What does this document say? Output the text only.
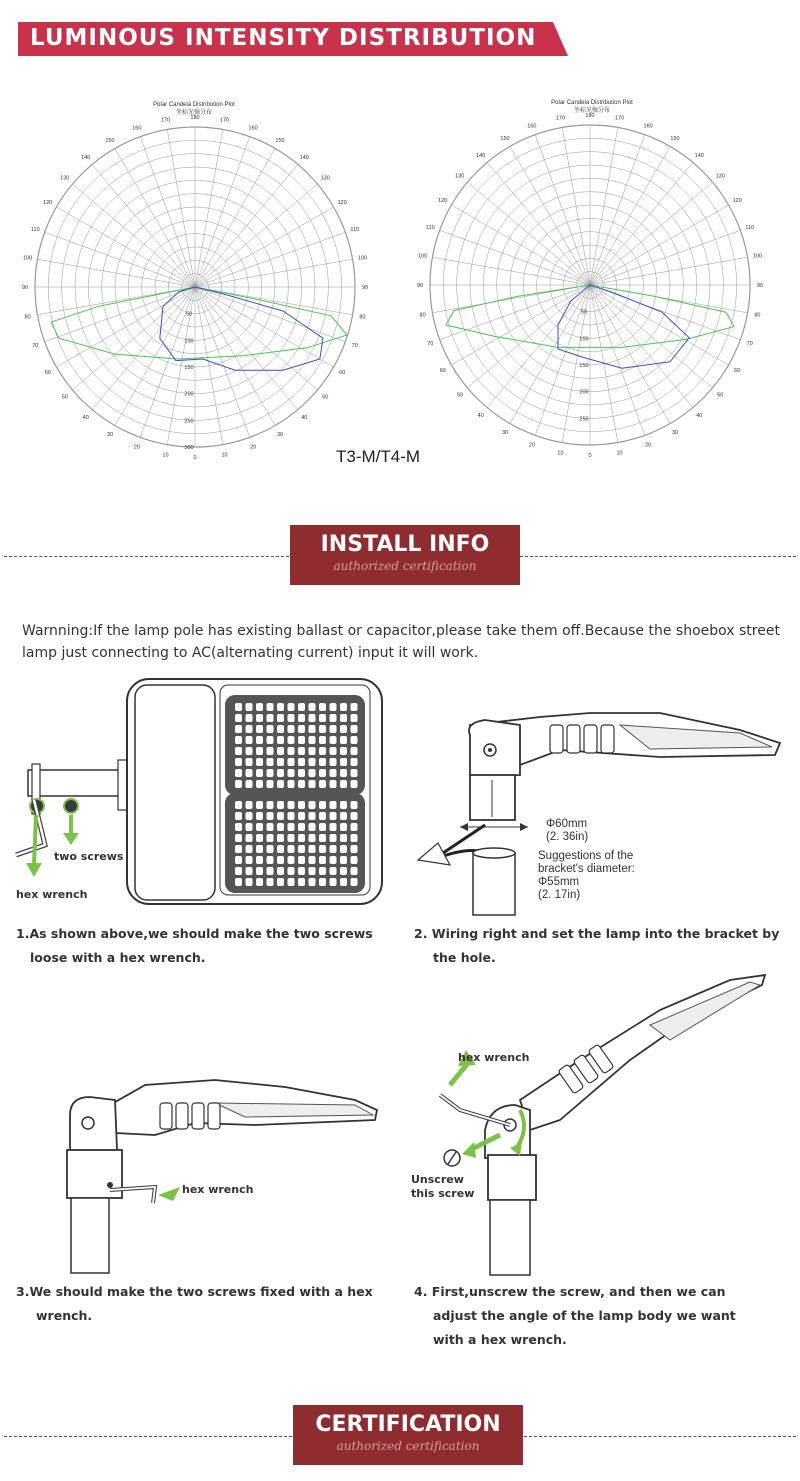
LUMINOUS INTENSITY DISTRIBUTION
Polar Candela Distribution Plot
坐标光强分布
Polar Candela Distribution Plot
坐标光强分布
180	170
170
160
160
150
150
140
140
130
130
120
120
110
110
100
100
90
90
80
80
70
70
60
60
50
50
40
40
30
30
20
20
10
10	0
50
100
150
200
250
300
180	170
170
160
160
150
150
140
140
130
130
120
120
110
110
100
100
90
90
80
80
70
70
60
60
50
50
40
40
30
30
20
20
10
10	0
50
100
150
200
250
T3-M/T4-M
INSTALL INFO
authorized certification
Warnning:If the lamp pole has existing ballast or capacitor,please take them off.Because the shoebox street lamp just connecting to AC(alternating current) input it will work.
two screws
hex wrench
Φ60mm
(2. 36in)
Suggestions of the
bracket's diameter:
Φ55mm
(2. 17in)
1.As shown above,we should make the two screws
loose with a hex wrench.
2. Wiring right and set the lamp into the bracket by
the hole.
hex wrench
hex wrench
Unscrew
this screw
3.We should make the two screws fixed with a hex
wrench.
4. First,unscrew the screw, and then we can
adjust the angle of the lamp body we want
with a hex wrench.
CERTIFICATION
authorized certification
